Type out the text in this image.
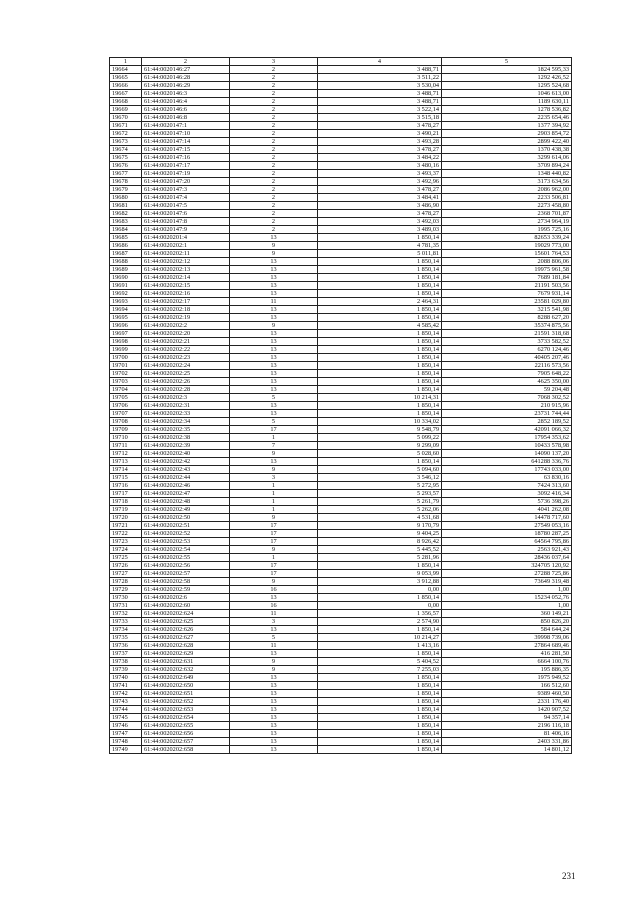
1	2	3	4	5
19664	61:44:0020146:27	2	3 488,71	1824 595,33
19665	61:44:0020146:28	2	3 511,22	1292 426,52
19666	61:44:0020146:29	2	3 530,04	1295 524,68
19667	61:44:0020146:3	2	3 488,71	1046 613,00
19668	61:44:0020146:4	2	3 488,71	1189 630,11
19669	61:44:0020146:6	2	3 522,14	1278 536,82
19670	61:44:0020146:8	2	3 515,18	2235 654,46
19671	61:44:0020147:1	2	3 478,27	1377 394,92
19672	61:44:0020147:10	2	3 490,21	2903 854,72
19673	61:44:0020147:14	2	3 493,28	2899 422,40
19674	61:44:0020147:15	2	3 478,27	1370 438,38
19675	61:44:0020147:16	2	3 484,22	3299 614,06
19676	61:44:0020147:17	2	3 480,16	3709 894,24
19677	61:44:0020147:19	2	3 493,37	1348 440,82
19678	61:44:0020147:20	2	3 492,96	3173 634,56
19679	61:44:0020147:3	2	3 478,27	2086 962,00
19680	61:44:0020147:4	2	3 484,41	2233 506,81
19681	61:44:0020147:5	2	3 486,90	2273 458,80
19682	61:44:0020147:6	2	3 478,27	2368 701,87
19683	61:44:0020147:8	2	3 492,03	2734 964,19
19684	61:44:0020147:9	2	3 489,03	1995 725,16
19685	61:44:0020201:4	13	1 850,14	82653 339,24
19686	61:44:0020202:1	9	4 781,35	19029 773,00
19687	61:44:0020202:11	9	5 011,81	15601 764,53
19688	61:44:0020202:12	13	1 850,14	2088 806,06
19689	61:44:0020202:13	13	1 850,14	19975 961,58
19690	61:44:0020202:14	13	1 850,14	7689 181,84
19691	61:44:0020202:15	13	1 850,14	21191 503,56
19692	61:44:0020202:16	13	1 850,14	7679 931,14
19693	61:44:0020202:17	11	2 464,31	23581 029,80
19694	61:44:0020202:18	13	1 850,14	3215 541,98
19695	61:44:0020202:19	13	1 850,14	8288 627,20
19696	61:44:0020202:2	9	4 585,42	35374 875,56
19697	61:44:0020202:20	13	1 850,14	21591 318,68
19698	61:44:0020202:21	13	1 850,14	3733 582,52
19699	61:44:0020202:22	13	1 850,14	6270 124,46
19700	61:44:0020202:23	13	1 850,14	40405 207,46
19701	61:44:0020202:24	13	1 850,14	22116 573,56
19702	61:44:0020202:25	13	1 850,14	7905 648,22
19703	61:44:0020202:26	13	1 850,14	4625 350,00
19704	61:44:0020202:28	13	1 850,14	59 204,48
19705	61:44:0020202:3	5	10 214,31	7068 302,52
19706	61:44:0020202:31	13	1 850,14	210 915,96
19707	61:44:0020202:33	13	1 850,14	23731 744,44
19708	61:44:0020202:34	5	10 334,02	2852 189,52
19709	61:44:0020202:35	17	9 548,79	42091 066,32
19710	61:44:0020202:38	1	5 099,22	17954 353,62
19711	61:44:0020202:39	7	9 299,09	10433 578,98
19712	61:44:0020202:40	9	5 028,60	14090 137,20
19713	61:44:0020202:42	13	1 850,14	641288 336,76
19714	61:44:0020202:43	9	5 094,60	17743 033,00
19715	61:44:0020202:44	3	3 546,12	63 830,16
19716	61:44:0020202:46	1	5 272,95	7424 313,60
19717	61:44:0020202:47	1	5 293,57	3092 416,34
19718	61:44:0020202:48	1	5 261,79	5736 398,26
19719	61:44:0020202:49	1	5 262,06	4041 262,08
19720	61:44:0020202:50	9	4 531,68	14478 717,60
19721	61:44:0020202:51	17	9 170,79	27549 053,16
19722	61:44:0020202:52	17	9 404,25	18780 287,25
19723	61:44:0020202:53	17	8 926,42	64564 795,86
19724	61:44:0020202:54	9	5 445,52	2563 921,43
19725	61:44:0020202:55	1	5 281,96	28436 037,64
19726	61:44:0020202:56	17	1 850,14	324705 120,92
19727	61:44:0020202:57	17	9 053,99	27288 725,86
19728	61:44:0020202:58	9	3 912,88	73649 319,48
19729	61:44:0020202:59	16	0,00	1,00
19730	61:44:0020202:6	13	1 850,14	15234 052,76
19731	61:44:0020202:60	16	0,00	1,00
19732	61:44:0020202:624	11	1 356,57	360 149,21
19733	61:44:0020202:625	3	2 574,90	850 826,20
19734	61:44:0020202:626	13	1 850,14	584 644,24
19735	61:44:0020202:627	5	10 214,27	39998 739,06
19736	61:44:0020202:628	11	1 413,16	27864 689,46
19737	61:44:0020202:629	13	1 850,14	416 281,50
19738	61:44:0020202:631	9	5 404,52	6664 100,76
19739	61:44:0020202:632	9	7 255,03	195 886,35
19740	61:44:0020202:649	13	1 850,14	1975 949,52
19741	61:44:0020202:650	13	1 850,14	166 512,60
19742	61:44:0020202:651	13	1 850,14	9389 460,50
19743	61:44:0020202:652	13	1 850,14	2331 176,40
19744	61:44:0020202:653	13	1 850,14	1420 907,52
19745	61:44:0020202:654	13	1 850,14	94 357,14
19746	61:44:0020202:655	13	1 850,14	2196 116,18
19747	61:44:0020202:656	13	1 850,14	81 406,16
19748	61:44:0020202:657	13	1 850,14	2403 331,86
19749	61:44:0020202:658	13	1 850,14	14 801,12
231
